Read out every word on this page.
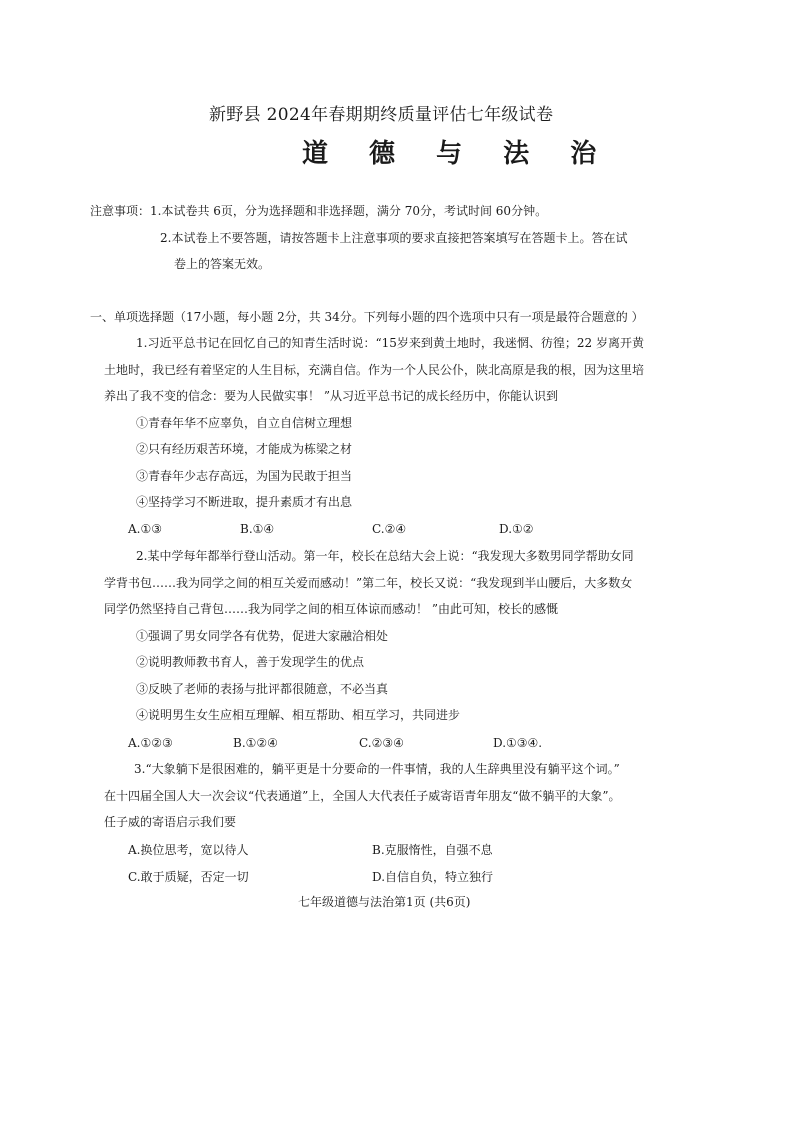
新野县 2024年春期期终质量评估七年级试卷
道 德 与 法 治
注意事项：1.本试卷共 6页，分为选择题和非选择题，满分 70分，考试时间 60分钟。
2.本试卷上不要答题，请按答题卡上注意事项的要求直接把答案填写在答题卡上。答在试
卷上的答案无效。
一、单项选择题（17小题，每小题 2分，共 34分。下列每小题的四个选项中只有一项是最符合题意的 ）
1.习近平总书记在回忆自己的知青生活时说：“15岁来到黄土地时，我迷惘、彷徨；22 岁离开黄
土地时，我已经有着坚定的人生目标，充满自信。作为一个人民公仆，陕北高原是我的根，因为这里培
养出了我不变的信念：要为人民做实事！ ”从习近平总书记的成长经历中，你能认识到
①青春年华不应辜负，自立自信树立理想
②只有经历艰苦环境，才能成为栋梁之材
③青春年少志存高远，为国为民敢于担当
④坚持学习不断进取，提升素质才有出息
A.①③	B.①④	C.②④	D.①②
2.某中学每年都举行登山活动。第一年，校长在总结大会上说：“我发现大多数男同学帮助女同
学背书包……我为同学之间的相互关爱而感动！”第二年，校长又说：“我发现到半山腰后，大多数女
同学仍然坚持自己背包……我为同学之间的相互体谅而感动！ ”由此可知，校长的感慨
①强调了男女同学各有优势，促进大家融洽相处
②说明教师教书育人，善于发现学生的优点
③反映了老师的表扬与批评都很随意，不必当真
④说明男生女生应相互理解、相互帮助、相互学习，共同进步
A.①②③	B.①②④	C.②③④	D.①③④.
3.“大象躺下是很困难的，躺平更是十分要命的一件事情，我的人生辞典里没有躺平这个词。”
在十四届全国人大一次会议“代表通道”上，全国人大代表任子威寄语青年朋友“做不躺平的大象”。
任子威的寄语启示我们要
A.换位思考，宽以待人	B.克服惰性，自强不息
C.敢于质疑，否定一切	D.自信自负，特立独行
七年级道德与法治第1页 (共6页)
